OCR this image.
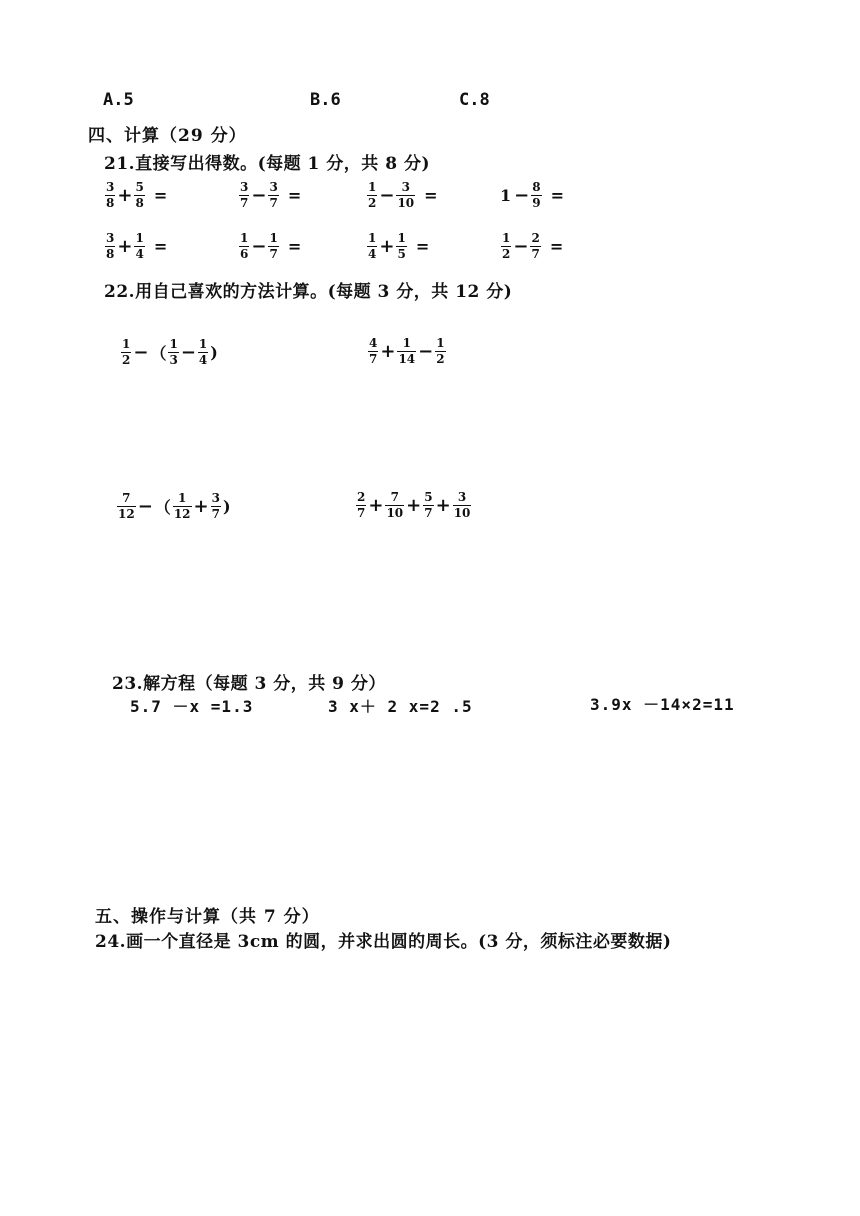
A.5	B.6	C.8
四、计算（29 分）
21.直接写出得数。(每题 1 分，共 8 分)
$\frac{3}{8} + \frac{5}{8}$ =	$\frac{3}{7} - \frac{3}{7}$ =	$\frac{1}{2} - \frac{3}{10}$ =	$1 - \frac{8}{9}$ =
$\frac{3}{8} + \frac{1}{4}$ =	$\frac{1}{6} - \frac{1}{7}$ =	$\frac{1}{4} + \frac{1}{5}$ =	$\frac{1}{2} - \frac{2}{7}$ =
22.用自己喜欢的方法计算。(每题 3 分，共 12 分)
$\frac{1}{2}$ − （ $\frac{1}{3} - \frac{1}{4}$ )	$\frac{4}{7} + \frac{1}{14} - \frac{1}{2}$
$\frac{7}{12}$ − （ $\frac{1}{12} + \frac{3}{7}$ )	$\frac{2}{7} + \frac{7}{10} + \frac{5}{7} + \frac{3}{10}$
23.解方程（每题 3 分，共 9 分）
5.7 －x =1.3	3 x＋ 2 x=2 .5	3.9x －14×2=11
五、操作与计算（共 7 分）
24.画一个直径是 3cm 的圆，并求出圆的周长。(3 分，须标注必要数据)
